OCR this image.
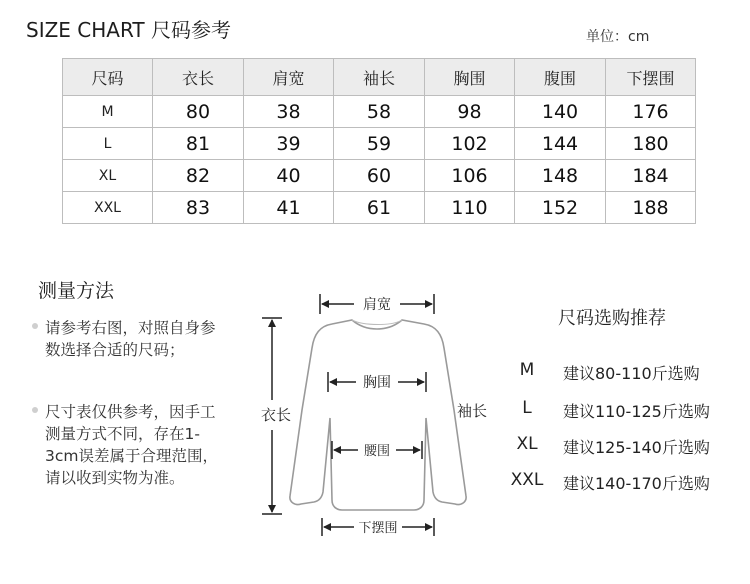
SIZE CHART 尺码参考	单位：cm
尺码	衣长	肩宽	袖长	胸围	腹围	下摆围
M	80	38	58	98	140	176
L	81	39	59	102	144	180
XL	82	40	60	106	148	184
XXL	83	41	61	110	152	188
测量方法
请参考右图，对照自身参数选择合适的尺码；
尺寸表仅供参考，因手工测量方式不同，存在1-3cm误差属于合理范围，请以收到实物为准。
肩宽
胸围
腰围
下摆围
衣长	袖长
尺码选购推荐
M	建议80-110斤选购
L	建议110-125斤选购
XL	建议125-140斤选购
XXL	建议140-170斤选购
